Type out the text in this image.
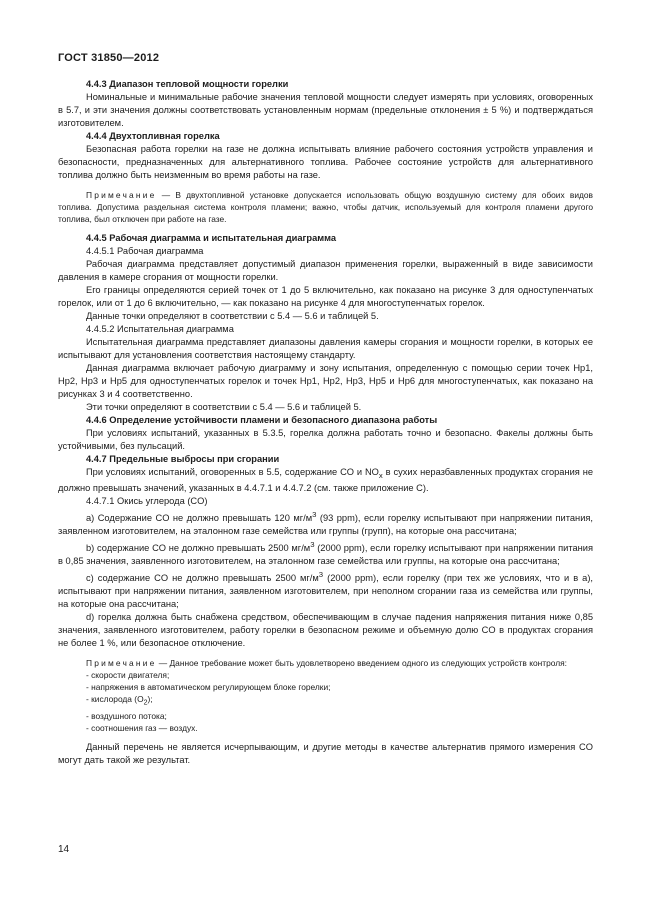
ГОСТ 31850—2012

4.4.3 Диапазон тепловой мощности горелки

Номинальные и минимальные рабочие значения тепловой мощности следует измерять при условиях, оговоренных в 5.7, и эти значения должны соответствовать установленным нормам (предельные отклонения ± 5 %) и подтверждаться изготовителем.

4.4.4 Двухтопливная горелка

Безопасная работа горелки на газе не должна испытывать влияние рабочего состояния устройств управления и безопасности, предназначенных для альтернативного топлива. Рабочее состояние устройств для альтернативного топлива должно быть неизменным во время работы на газе.

Примечание — В двухтопливной установке допускается использовать общую воздушную систему для обоих видов топлива. Допустима раздельная система контроля пламени; важно, чтобы датчик, используемый для контроля пламени другого топлива, был отключен при работе на газе.

4.4.5 Рабочая диаграмма и испытательная диаграмма

4.4.5.1 Рабочая диаграмма

Рабочая диаграмма представляет допустимый диапазон применения горелки, выраженный в виде зависимости давления в камере сгорания от мощности горелки.

Его границы определяются серией точек от 1 до 5 включительно, как показано на рисунке 3 для одноступенчатых горелок, или от 1 до 6 включительно, — как показано на рисунке 4 для многоступенчатых горелок.

Данные точки определяют в соответствии с 5.4 — 5.6 и таблицей 5.

4.4.5.2 Испытательная диаграмма

Испытательная диаграмма представляет диапазоны давления камеры сгорания и мощности горелки, в которых ее испытывают для установления соответствия настоящему стандарту.

Данная диаграмма включает рабочую диаграмму и зону испытания, определенную с помощью серии точек Нр1, Нр2, Нр3 и Нр5 для одноступенчатых горелок и точек Нр1, Нр2, Нр3, Нр5 и Нр6 для многоступенчатых, как показано на рисунках 3 и 4 соответственно.

Эти точки определяют в соответствии с 5.4 — 5.6 и таблицей 5.

4.4.6 Определение устойчивости пламени и безопасного диапазона работы

При условиях испытаний, указанных в 5.3.5, горелка должна работать точно и безопасно. Факелы должны быть устойчивыми, без пульсаций.

4.4.7 Предельные выбросы при сгорании

При условиях испытаний, оговоренных в 5.5, содержание CO и $NO_x$ в сухих неразбавленных продуктах сгорания не должно превышать значений, указанных в 4.4.7.1 и 4.4.7.2 (см. также приложение С).

4.4.7.1 Окись углерода (CO)

a) Содержание CO не должно превышать 120 $мг/м^3$ (93 ppm), если горелку испытывают при напряжении питания, заявленном изготовителем, на эталонном газе семейства или группы (групп), на которые она рассчитана;

b) содержание CO не должно превышать 2500 $мг/м^3$ (2000 ppm), если горелку испытывают при напряжении питания в 0,85 значения, заявленного изготовителем, на эталонном газе семейства или группы, на которые она рассчитана;

c) содержание CO не должно превышать 2500 $мг/м^3$ (2000 ppm), если горелку (при тех же условиях, что и в а), испытывают при напряжении питания, заявленном изготовителем, при неполном сгорании газа из семейства или группы, на которые она рассчитана;

d) горелка должна быть снабжена средством, обеспечивающим в случае падения напряжения питания ниже 0,85 значения, заявленного изготовителем, работу горелки в безопасном режиме и объемную долю CO в продуктах сгорания не более 1 %, или безопасное отключение.

Примечание — Данное требование может быть удовлетворено введением одного из следующих устройств контроля:

- скорости двигателя;
- напряжения в автоматическом регулирующем блоке горелки;
- кислорода $(O_2)$;
- воздушного потока;
- соотношения газ — воздух.

Данный перечень не является исчерпывающим, и другие методы в качестве альтернатив прямого измерения CO могут дать такой же результат.

14
